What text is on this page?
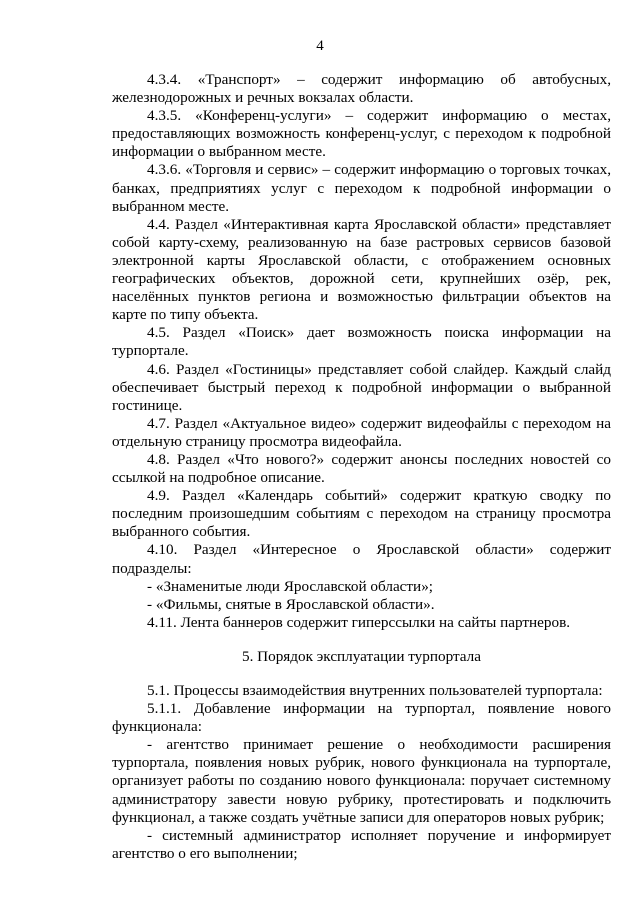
4

4.3.4. «Транспорт» – содержит информацию об автобусных, железнодорожных и речных вокзалах области.

4.3.5. «Конференц-услуги» – содержит информацию о местах, предоставляющих возможность конференц-услуг, с переходом к подробной информации о выбранном месте.

4.3.6. «Торговля и сервис» – содержит информацию о торговых точках, банках, предприятиях услуг с переходом к подробной информации о выбранном месте.

4.4. Раздел «Интерактивная карта Ярославской области» представляет собой карту-схему, реализованную на базе растровых сервисов базовой электронной карты Ярославской области, с отображением основных географических объектов, дорожной сети, крупнейших озёр, рек, населённых пунктов региона и возможностью фильтрации объектов на карте по типу объекта.

4.5. Раздел «Поиск» дает возможность поиска информации на турпортале.

4.6. Раздел «Гостиницы» представляет собой слайдер. Каждый слайд обеспечивает быстрый переход к подробной информации о выбранной гостинице.

4.7. Раздел «Актуальное видео» содержит видеофайлы с переходом на отдельную страницу просмотра видеофайла.

4.8. Раздел «Что нового?» содержит анонсы последних новостей со ссылкой на подробное описание.

4.9. Раздел «Календарь событий» содержит краткую сводку по последним произошедшим событиям с переходом на страницу просмотра выбранного события.

4.10. Раздел «Интересное о Ярославской области» содержит подразделы:

- «Знаменитые люди Ярославской области»;

- «Фильмы, снятые в Ярославской области».

4.11. Лента баннеров содержит гиперссылки на сайты партнеров.

5. Порядок эксплуатации турпортала

5.1. Процессы взаимодействия внутренних пользователей турпортала:

5.1.1. Добавление информации на турпортал, появление нового функционала:

- агентство принимает решение о необходимости расширения турпортала, появления новых рубрик, нового функционала на турпортале, организует работы по созданию нового функционала: поручает системному администратору завести новую рубрику, протестировать и подключить функционал, а также создать учётные записи для операторов новых рубрик;

- системный администратор исполняет поручение и информирует агентство о его выполнении;
